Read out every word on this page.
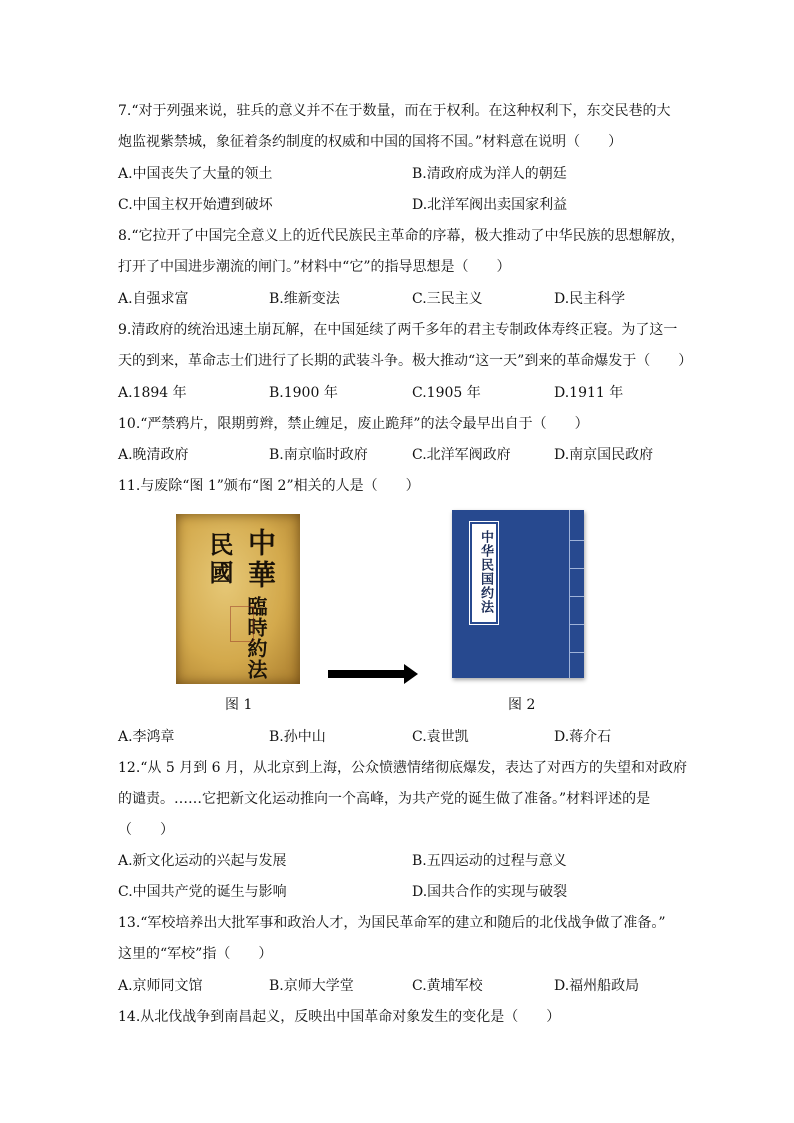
7.“对于列强来说，驻兵的意义并不在于数量，而在于权利。在这种权利下，东交民巷的大
炮监视紫禁城，象征着条约制度的权威和中国的国将不国。”材料意在说明（　　）
A.中国丧失了大量的领土	B.清政府成为洋人的朝廷
C.中国主权开始遭到破坏	D.北洋军阀出卖国家利益
8.“它拉开了中国完全意义上的近代民族民主革命的序幕，极大推动了中华民族的思想解放，
打开了中国进步潮流的闸门。”材料中“它”的指导思想是（　　）
A.自强求富	B.维新变法	C.三民主义	D.民主科学
9.清政府的统治迅速土崩瓦解，在中国延续了两千多年的君主专制政体寿终正寝。为了这一
天的到来，革命志士们进行了长期的武装斗争。极大推动“这一天”到来的革命爆发于（　　）
A.1894 年	B.1900 年	C.1905 年	D.1911 年
10.“严禁鸦片，限期剪辫，禁止缠足，废止跪拜”的法令最早出自于（　　）
A.晚清政府	B.南京临时政府	C.北洋军阀政府	D.南京国民政府
11.与废除“图 1”颁布“图 2”相关的人是（　　）
中華
民國
臨時約法
中华民国约法
图 1	图 2
A.李鸿章	B.孙中山	C.袁世凯	D.蒋介石
12.“从 5 月到 6 月，从北京到上海，公众愤懑情绪彻底爆发，表达了对西方的失望和对政府
的谴责。……它把新文化运动推向一个高峰，为共产党的诞生做了准备。”材料评述的是
（　　）
A.新文化运动的兴起与发展	B.五四运动的过程与意义
C.中国共产党的诞生与影响	D.国共合作的实现与破裂
13.“军校培养出大批军事和政治人才，为国民革命军的建立和随后的北伐战争做了准备。”
这里的“军校”指（　　）
A.京师同文馆	B.京师大学堂	C.黄埔军校	D.福州船政局
14.从北伐战争到南昌起义，反映出中国革命对象发生的变化是（　　）
